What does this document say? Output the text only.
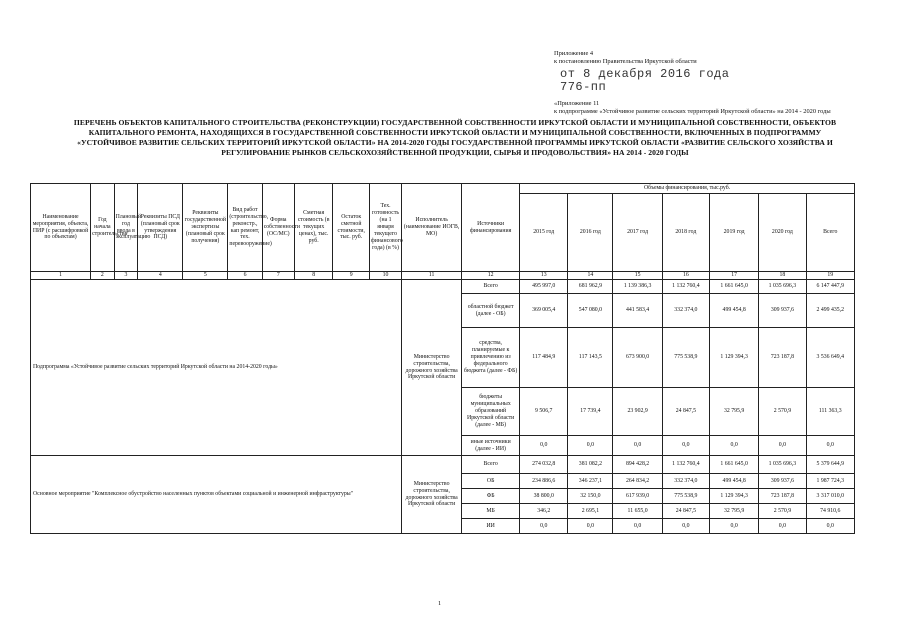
Приложение 4
к постановлению Правительства Иркутской области
от 8 декабря 2016 года
776-пп
«Приложение 11
к подпрограмме «Устойчивое развитие сельских территорий Иркутской области» на 2014 - 2020 годы
ПЕРЕЧЕНЬ ОБЪЕКТОВ КАПИТАЛЬНОГО СТРОИТЕЛЬСТВА (РЕКОНСТРУКЦИИ) ГОСУДАРСТВЕННОЙ СОБСТВЕННОСТИ ИРКУТСКОЙ ОБЛАСТИ И МУНИЦИПАЛЬНОЙ СОБСТВЕННОСТИ, ОБЪЕКТОВ КАПИТАЛЬНОГО РЕМОНТА, НАХОДЯЩИХСЯ В ГОСУДАРСТВЕННОЙ СОБСТВЕННОСТИ ИРКУТСКОЙ ОБЛАСТИ И МУНИЦИПАЛЬНОЙ СОБСТВЕННОСТИ, ВКЛЮЧЕННЫХ В ПОДПРОГРАММУ «УСТОЙЧИВОЕ РАЗВИТИЕ СЕЛЬСКИХ ТЕРРИТОРИЙ ИРКУТСКОЙ ОБЛАСТИ» НА 2014-2020 ГОДЫ ГОСУДАРСТВЕННОЙ ПРОГРАММЫ ИРКУТСКОЙ ОБЛАСТИ «РАЗВИТИЕ СЕЛЬСКОГО ХОЗЯЙСТВА И РЕГУЛИРОВАНИЕ РЫНКОВ СЕЛЬСКОХОЗЯЙСТВЕННОЙ ПРОДУКЦИИ, СЫРЬЯ И ПРОДОВОЛЬСТВИЯ» НА 2014 - 2020 ГОДЫ
Наименование мероприятия, объекта, ПИР (с расшифровкой по объектам)	Год начала строительства	Плановый год ввода в эксплуатацию	Реквизиты ПСД (плановый срок утверждения ПСД)	Реквизиты государственной экспертизы (плановый срок получения)	Вид работ (строительство, реконстр., кап ремонт, тех. перевооружение)	Форма собственности (ОС/МС)	Сметная стоимость (в текущих ценах), тыс. руб.	Остаток сметной стоимости, тыс. руб.	Тех. готовность (на 1 января текущего финансового года) (в %)	Исполнитель (наименование ИОГВ, МО)	Источники финансирования	Объемы финансирования, тыс.руб.						
												2015 год	2016 год	2017 год	2018 год	2019 год	2020 год	Всего
1	2	3	4	5	6	7	8	9	10	11	12	13	14	15	16	17	18	19
Подпрограмма «Устойчивое развитие сельских территорий Иркутской области на 2014-2020 годы»										Министерство строительства, дорожного хозяйства Иркутской области	Всего	495 997,0	681 962,9	1 139 386,3	1 132 760,4	1 661 645,0	1 035 696,3	6 147 447,9
											областной бюджет (далее - ОБ)	369 005,4	547 080,0	441 583,4	332 374,0	499 454,8	309 937,6	2 499 435,2
											средства, планируемые к привлечению из федерального бюджета (далее - ФБ)	117 484,9	117 143,5	673 900,0	775 538,9	1 129 394,3	723 187,8	3 536 649,4
											бюджеты муниципальных образований Иркутской области (далее - МБ)	9 506,7	17 739,4	23 902,9	24 847,5	32 795,9	2 570,9	111 363,3
											иные источники (далее - ИИ)	0,0	0,0	0,0	0,0	0,0	0,0	0,0
Основное мероприятие "Комплексное обустройство населенных пунктов объектами социальной и инженерной инфраструктуры"										Министерство строительства, дорожного хозяйства Иркутской области	Всего	274 032,8	381 082,2	894 428,2	1 132 760,4	1 661 645,0	1 035 696,3	5 379 644,9
											ОБ	234 886,6	346 237,1	264 834,2	332 374,0	499 454,8	309 937,6	1 987 724,3
											ФБ	38 800,0	32 150,0	617 939,0	775 538,9	1 129 394,3	723 187,8	3 317 010,0
											МБ	346,2	2 695,1	11 655,0	24 847,5	32 795,9	2 570,9	74 910,6
											ИИ	0,0	0,0	0,0	0,0	0,0	0,0	0,0
1
